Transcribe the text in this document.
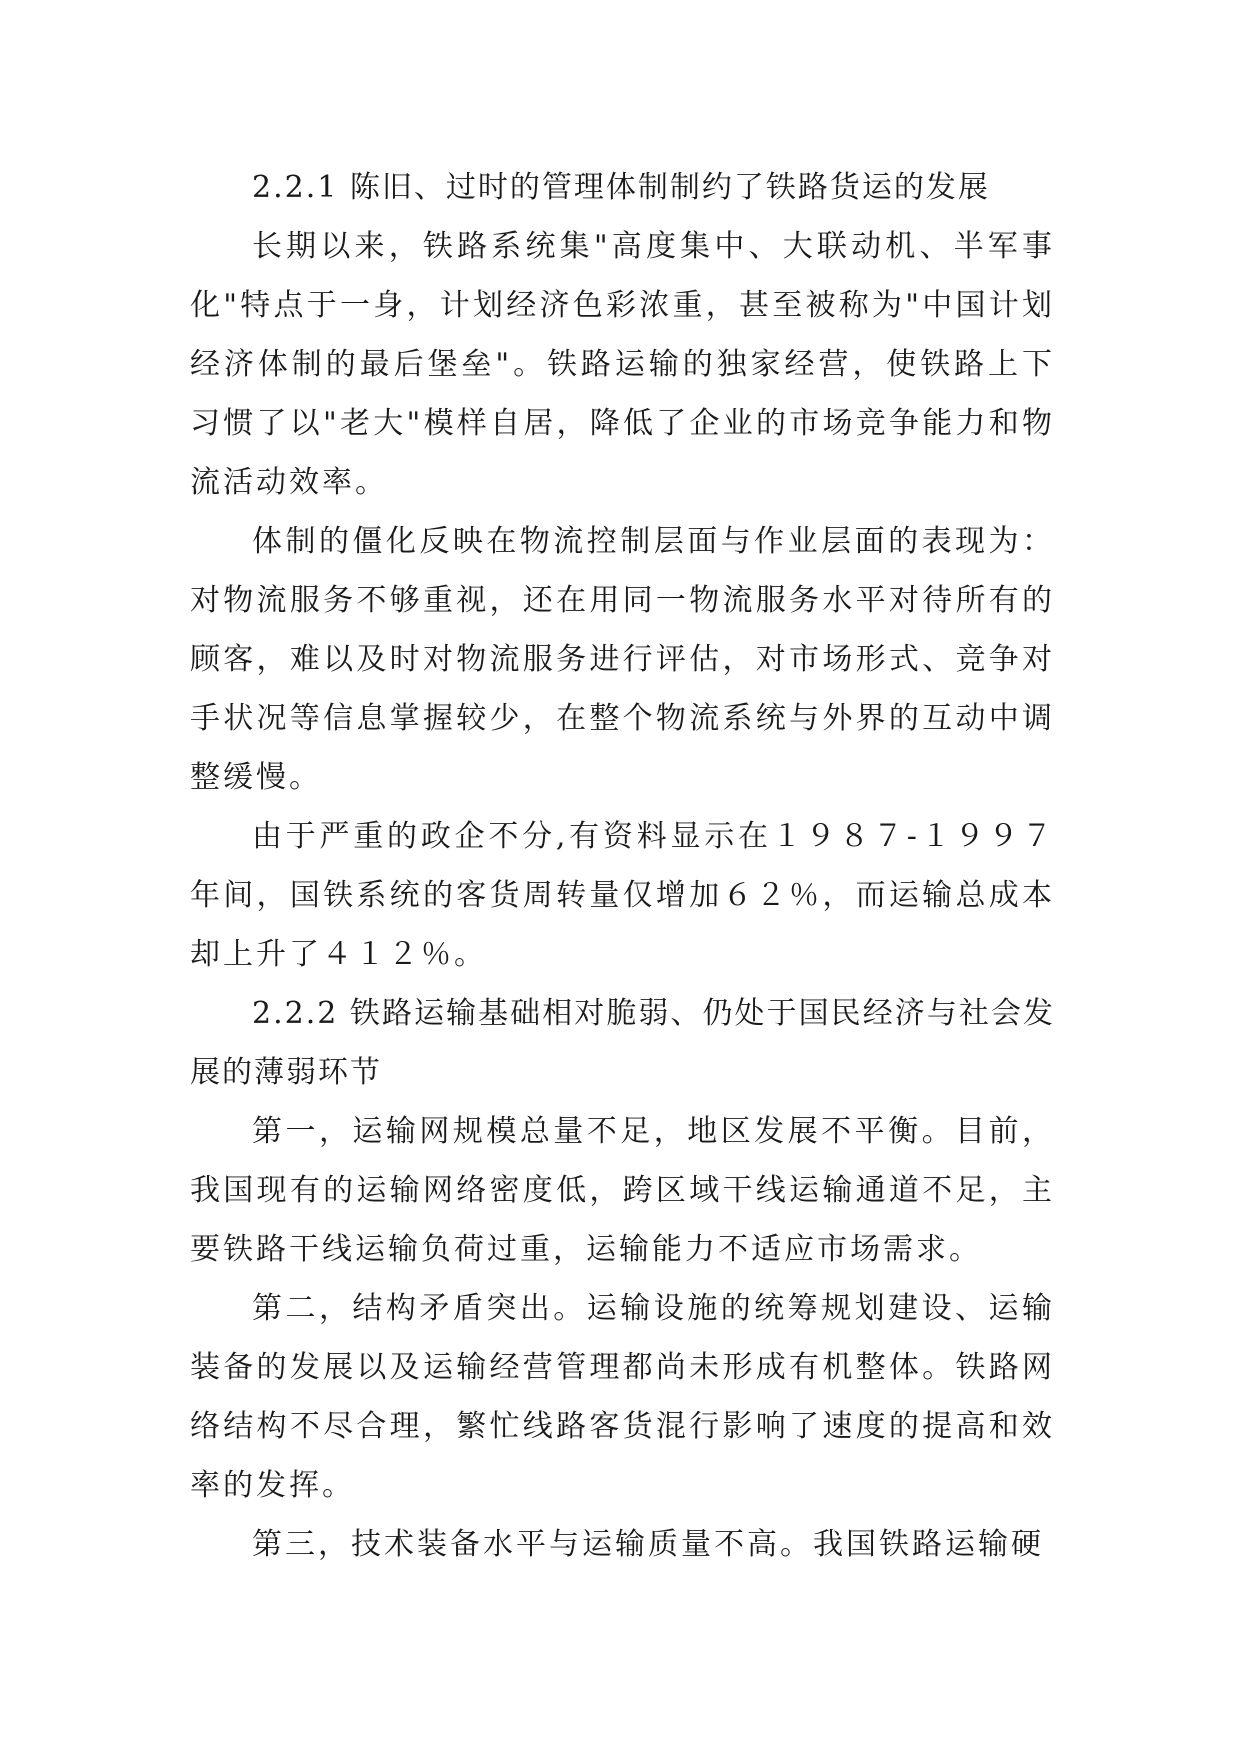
2.2.1 陈旧、过时的管理体制制约了铁路货运的发展

长期以来，铁路系统集"高度集中、大联动机、半军事化"特点于一身，计划经济色彩浓重，甚至被称为"中国计划经济体制的最后堡垒"。铁路运输的独家经营，使铁路上下习惯了以"老大"模样自居，降低了企业的市场竞争能力和物流活动效率。

体制的僵化反映在物流控制层面与作业层面的表现为：对物流服务不够重视，还在用同一物流服务水平对待所有的顾客，难以及时对物流服务进行评估，对市场形式、竞争对手状况等信息掌握较少，在整个物流系统与外界的互动中调整缓慢。

由于严重的政企不分,有资料显示在１９８７-１９９７年间，国铁系统的客货周转量仅增加６２％，而运输总成本却上升了４１２％。

2.2.2 铁路运输基础相对脆弱、仍处于国民经济与社会发展的薄弱环节

第一，运输网规模总量不足，地区发展不平衡。目前，我国现有的运输网络密度低，跨区域干线运输通道不足，主要铁路干线运输负荷过重，运输能力不适应市场需求。

第二，结构矛盾突出。运输设施的统筹规划建设、运输装备的发展以及运输经营管理都尚未形成有机整体。铁路网络结构不尽合理，繁忙线路客货混行影响了速度的提高和效率的发挥。

第三，技术装备水平与运输质量不高。我国铁路运输硬
